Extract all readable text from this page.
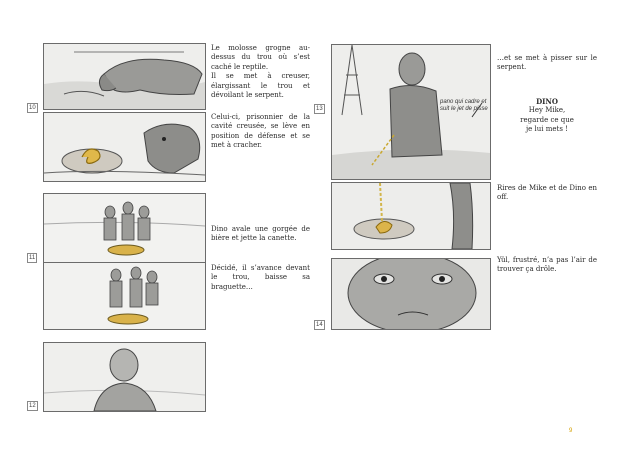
10
Le molosse grogne au-dessus du trou où s’est caché le reptile.
Il se met à creuser, élargissant le trou et dévoilant le serpent.
Celui-ci, prisonnier de la cavité creusée, se lève en position de défense et se met à cracher.
11
Dino avale une gorgée de bière et jette la canette.
Décidé, il s’avance devant le trou, baisse sa braguette…
12
pano qui cadre et suit le jet de pisse
13
…et se met à pisser sur le serpent.
DINO
Hey Mike,
regarde ce que
je lui mets !
Rires de Mike et de Dino en off.
14
Yül, frustré, n’a pas l’air de trouver ça drôle.
9
